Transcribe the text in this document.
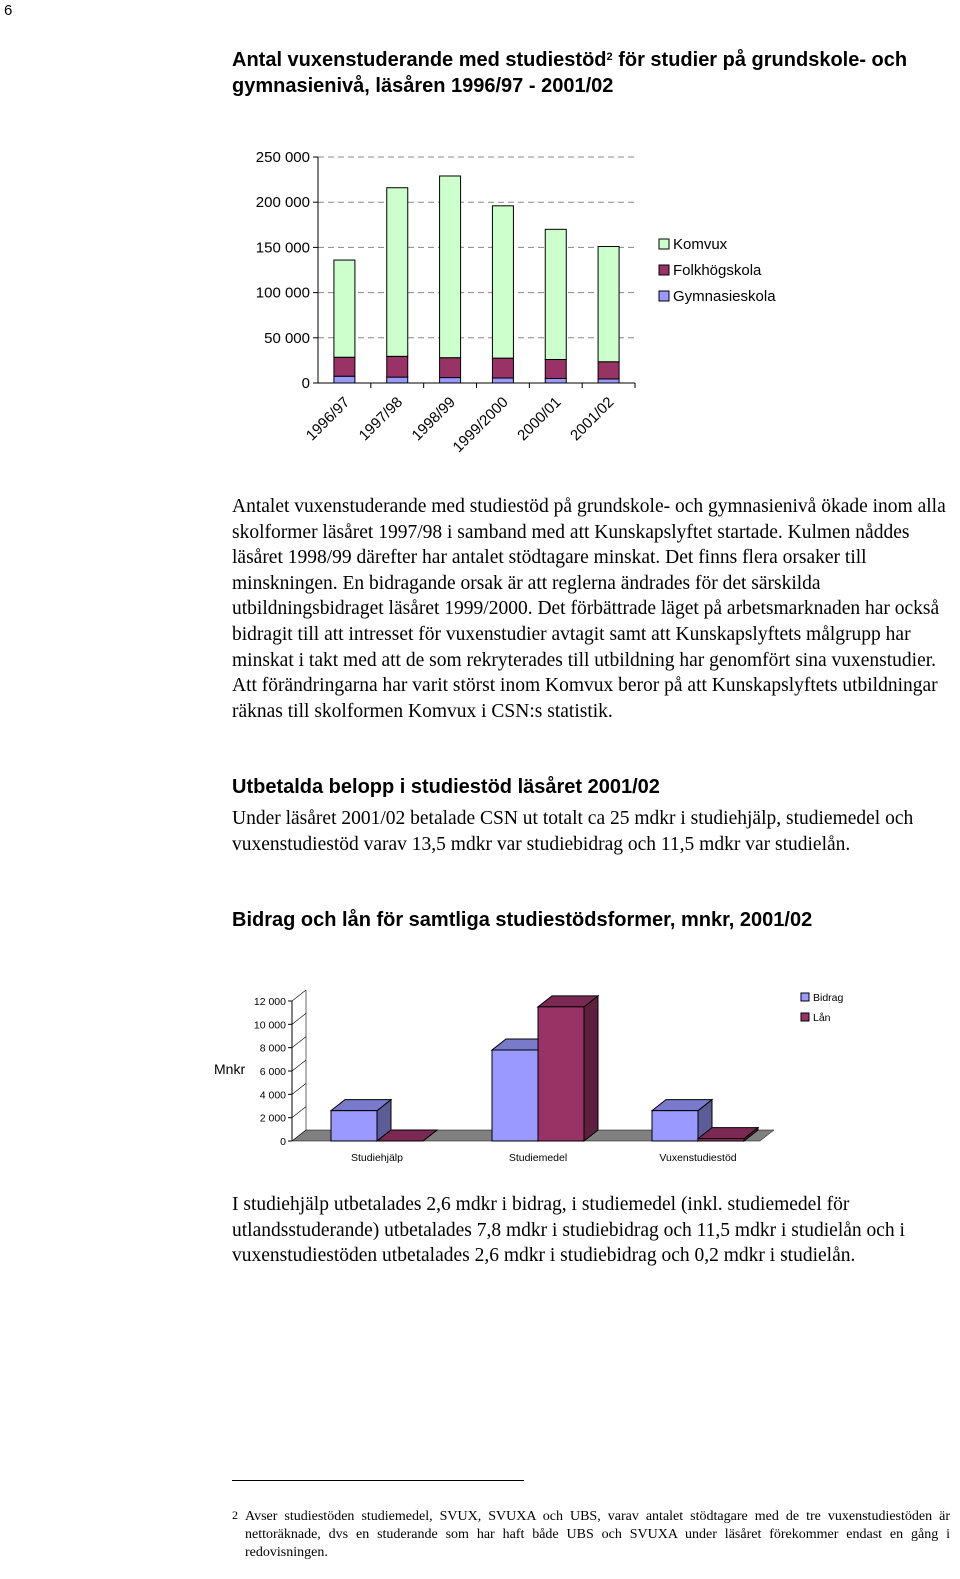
6
Antal vuxenstuderande med studiestöd$^2$ för studier på grundskole- och gymnasienivå, läsåren 1996/97 - 2001/02
0
50 000
100 000
150 000
200 000
250 000
1996/97 1997/98 1998/99
1999/2000 2000/01 2001/02
Komvux
Folkhögskola
Gymnasieskola

Antalet vuxenstuderande med studiestöd på grundskole- och gymnasienivå ökade inom alla skolformer läsåret 1997/98 i samband med att Kunskapslyftet startade. Kulmen nåddes läsåret 1998/99 därefter har antalet stödtagare minskat. Det finns flera orsaker till minskningen. En bidragande orsak är att reglerna ändrades för det särskilda utbildningsbidraget läsåret 1999/2000. Det förbättrade läget på arbetsmarknaden har också bidragit till att intresset för vuxenstudier avtagit samt att Kunskapslyftets målgrupp har minskat i takt med att de som rekryterades till utbildning har genomfört sina vuxenstudier. Att förändringarna har varit störst inom Komvux beror på att Kunskapslyftets utbildningar räknas till skolformen Komvux i CSN:s statistik.

Utbetalda belopp i studiestöd läsåret 2001/02

Under läsåret 2001/02 betalade CSN ut totalt ca 25 mdkr i studiehjälp, studiemedel och vuxenstudiestöd varav 13,5 mdkr var studiebidrag och 11,5 mdkr var studielån.

Bidrag och lån för samtliga studiestödsformer, mnkr, 2001/02
0
2 000
4 000
6 000
8 000
10 000
12 000
Mnkr
Studiehjälp	Studiemedel	Vuxenstudiestöd
Bidrag
Lån

I studiehjälp utbetalades 2,6 mdkr i bidrag, i studiemedel (inkl. studiemedel för utlandsstuderande) utbetalades 7,8 mdkr i studiebidrag och 11,5 mdkr i studielån och i vuxenstudiestöden utbetalades 2,6 mdkr i studiebidrag och 0,2 mdkr i studielån.

2 Avser studiestöden studiemedel, SVUX, SVUXA och UBS, varav antalet stödtagare med de tre vuxenstudiestöden är nettoräknade, dvs en studerande som har haft både UBS och SVUXA under läsåret förekommer endast en gång i redovisningen.
